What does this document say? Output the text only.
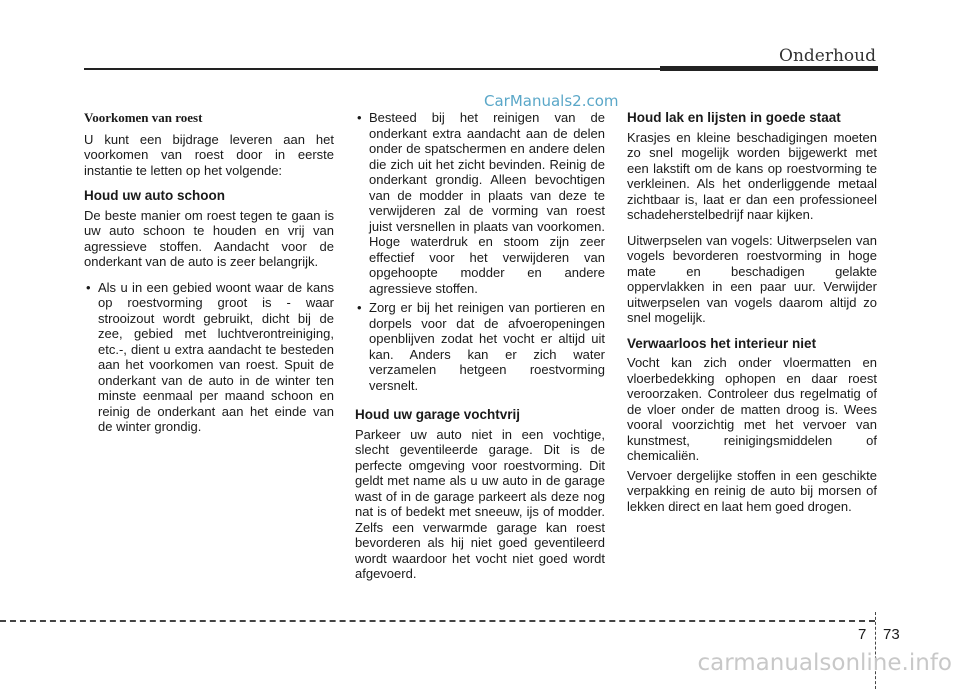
Onderhoud
CarManuals2.com
Voorkomen van roest

U kunt een bijdrage leveren aan het voorkomen van roest door in eerste instantie te letten op het volgende:

Houd uw auto schoon

De beste manier om roest tegen te gaan is uw auto schoon te houden en vrij van agressieve stoffen. Aandacht voor de onderkant van de auto is zeer belangrijk.

• Als u in een gebied woont waar de kans op roestvorming groot is - waar strooizout wordt gebruikt, dicht bij de zee, gebied met luchtverontreiniging, etc.-, dient u extra aandacht te besteden aan het voorkomen van roest. Spuit de onderkant van de auto in de winter ten minste eenmaal per maand schoon en reinig de onderkant aan het einde van de winter grondig.
• Besteed bij het reinigen van de onderkant extra aandacht aan de delen onder de spatschermen en andere delen die zich uit het zicht bevinden. Reinig de onderkant grondig. Alleen bevochtigen van de modder in plaats van deze te verwijderen zal de vorming van roest juist versnellen in plaats van voorkomen. Hoge waterdruk en stoom zijn zeer effectief voor het verwijderen van opgehoopte modder en andere agressieve stoffen.
• Zorg er bij het reinigen van portieren en dorpels voor dat de afvoeropeningen openblijven zodat het vocht er altijd uit kan. Anders kan er zich water verzamelen hetgeen roestvorming versnelt.
Houd uw garage vochtvrij

Parkeer uw auto niet in een vochtige, slecht geventileerde garage. Dit is de perfecte omgeving voor roestvorming. Dit geldt met name als u uw auto in de garage wast of in de garage parkeert als deze nog nat is of bedekt met sneeuw, ijs of modder. Zelfs een verwarmde garage kan roest bevorderen als hij niet goed geventileerd wordt waardoor het vocht niet goed wordt afgevoerd.

Houd lak en lijsten in goede staat

Krasjes en kleine beschadigingen moeten zo snel mogelijk worden bijgewerkt met een lakstift om de kans op roestvorming te verkleinen. Als het onderliggende metaal zichtbaar is, laat er dan een professioneel schadeherstelbedrijf naar kijken.

Uitwerpselen van vogels: Uitwerpselen van vogels bevorderen roestvorming in hoge mate en beschadigen gelakte oppervlakken in een paar uur. Verwijder uitwerpselen van vogels daarom altijd zo snel mogelijk.

Verwaarloos het interieur niet

Vocht kan zich onder vloermatten en vloerbedekking ophopen en daar roest veroorzaken. Controleer dus regelmatig of de vloer onder de matten droog is. Wees vooral voorzichtig met het vervoer van kunstmest, reinigingsmiddelen of chemicaliën.

Vervoer dergelijke stoffen in een geschikte verpakking en reinig de auto bij morsen of lekken direct en laat hem goed drogen.

7 73
carmanualsonline.info
